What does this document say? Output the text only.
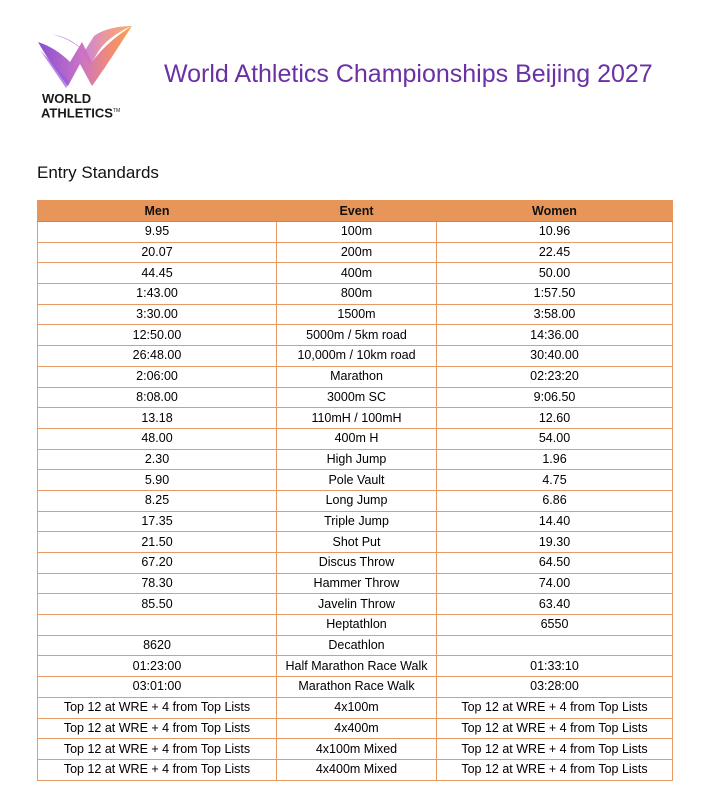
WORLD
ATHLETICS™
World Athletics Championships Beijing 2027
Entry Standards
Men	Event	Women
9.95	100m	10.96
20.07	200m	22.45
44.45	400m	50.00
1:43.00	800m	1:57.50
3:30.00	1500m	3:58.00
12:50.00	5000m / 5km road	14:36.00
26:48.00	10,000m / 10km road	30:40.00
2:06:00	Marathon	02:23:20
8:08.00	3000m SC	9:06.50
13.18	110mH / 100mH	12.60
48.00	400m H	54.00
2.30	High Jump	1.96
5.90	Pole Vault	4.75
8.25	Long Jump	6.86
17.35	Triple Jump	14.40
21.50	Shot Put	19.30
67.20	Discus Throw	64.50
78.30	Hammer Throw	74.00
85.50	Javelin Throw	63.40
	Heptathlon	6550
8620	Decathlon	
01:23:00	Half Marathon Race Walk	01:33:10
03:01:00	Marathon Race Walk	03:28:00
Top 12 at WRE + 4 from Top Lists	4x100m	Top 12 at WRE + 4 from Top Lists
Top 12 at WRE + 4 from Top Lists	4x400m	Top 12 at WRE + 4 from Top Lists
Top 12 at WRE + 4 from Top Lists	4x100m Mixed	Top 12 at WRE + 4 from Top Lists
Top 12 at WRE + 4 from Top Lists	4x400m Mixed	Top 12 at WRE + 4 from Top Lists
